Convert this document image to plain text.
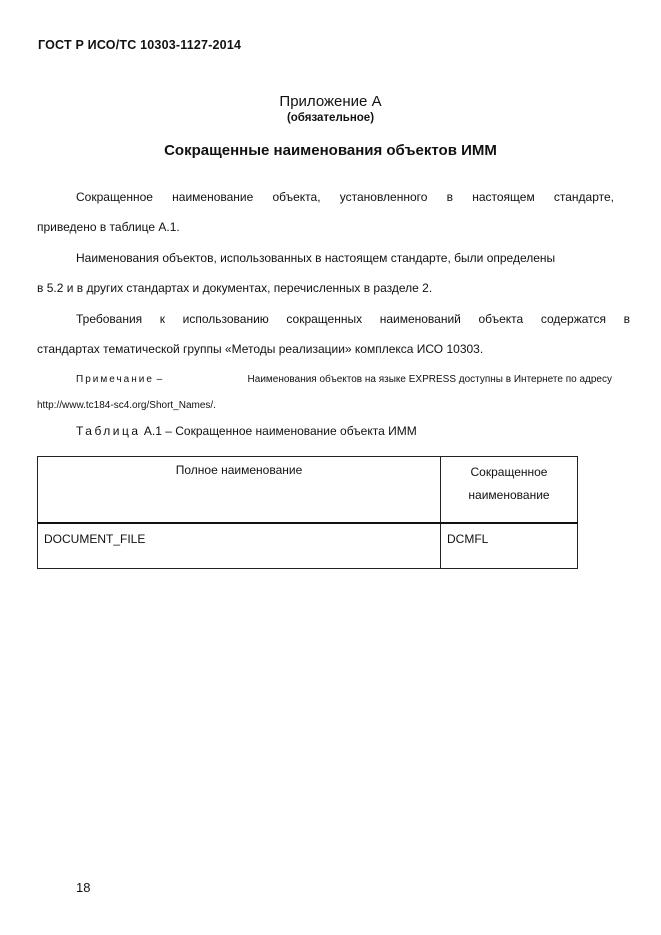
ГОСТ Р ИСО/ТС 10303-1127-2014
Приложение А
(обязательное)
Сокращенные наименования объектов ИММ
Сокращенное наименование объекта, установленного в настоящем стандарте,
приведено в таблице А.1.
Наименования объектов, использованных в настоящем стандарте, были определены
в 5.2 и в других стандартах и документах, перечисленных в разделе 2.
Требования к использованию сокращенных наименований объекта содержатся в
стандартах тематической группы «Методы реализации» комплекса ИСО 10303.
Примечание –	Наименования объектов на языке EXPRESS доступны в Интернете по адресу
http://www.tc184-sc4.org/Short_Names/.
Таблица А.1 – Сокращенное наименование объекта ИММ
Полное наименование	Сокращенное
наименование

DOCUMENT_FILE	DCMFL
18
